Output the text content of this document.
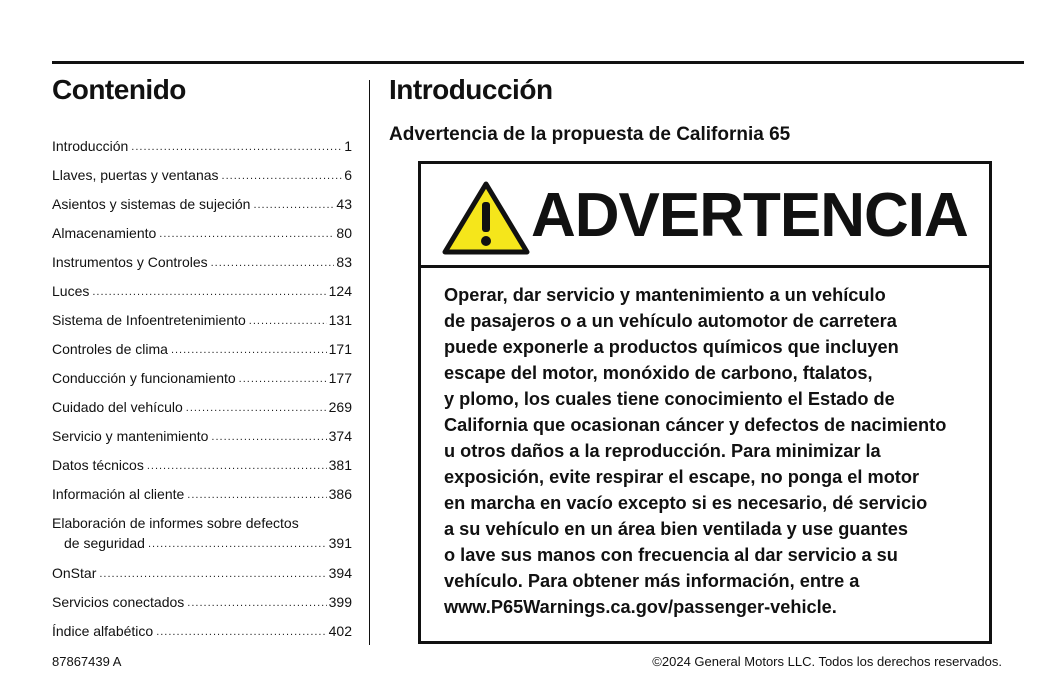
Contenido
Introducción .....	1
Llaves, puertas y ventanas .....	6
Asientos y sistemas de sujeción .....	43
Almacenamiento .....	80
Instrumentos y Controles .....	83
Luces .....	124
Sistema de Infoentretenimiento .....	131
Controles de clima .....	171
Conducción y funcionamiento .....	177
Cuidado del vehículo .....	269
Servicio y mantenimiento .....	374
Datos técnicos .....	381
Información al cliente .....	386
Elaboración de informes sobre defectos
de seguridad .....	391
OnStar .....	394
Servicios conectados .....	399
Índice alfabético .....	402
Introducción
Advertencia de la propuesta de California 65
ADVERTENCIA

Operar, dar servicio y mantenimiento a un vehículo
de pasajeros o a un vehículo automotor de carretera
puede exponerle a productos químicos que incluyen
escape del motor, monóxido de carbono, ftalatos,
y plomo, los cuales tiene conocimiento el Estado de
California que ocasionan cáncer y defectos de nacimiento
u otros daños a la reproducción. Para minimizar la
exposición, evite respirar el escape, no ponga el motor
en marcha en vacío excepto si es necesario, dé servicio
a su vehículo en un área bien ventilada y use guantes
o lave sus manos con frecuencia al dar servicio a su
vehículo. Para obtener más información, entre a
www.P65Warnings.ca.gov/passenger-vehicle.

87867439 A	©2024 General Motors LLC. Todos los derechos reservados.
